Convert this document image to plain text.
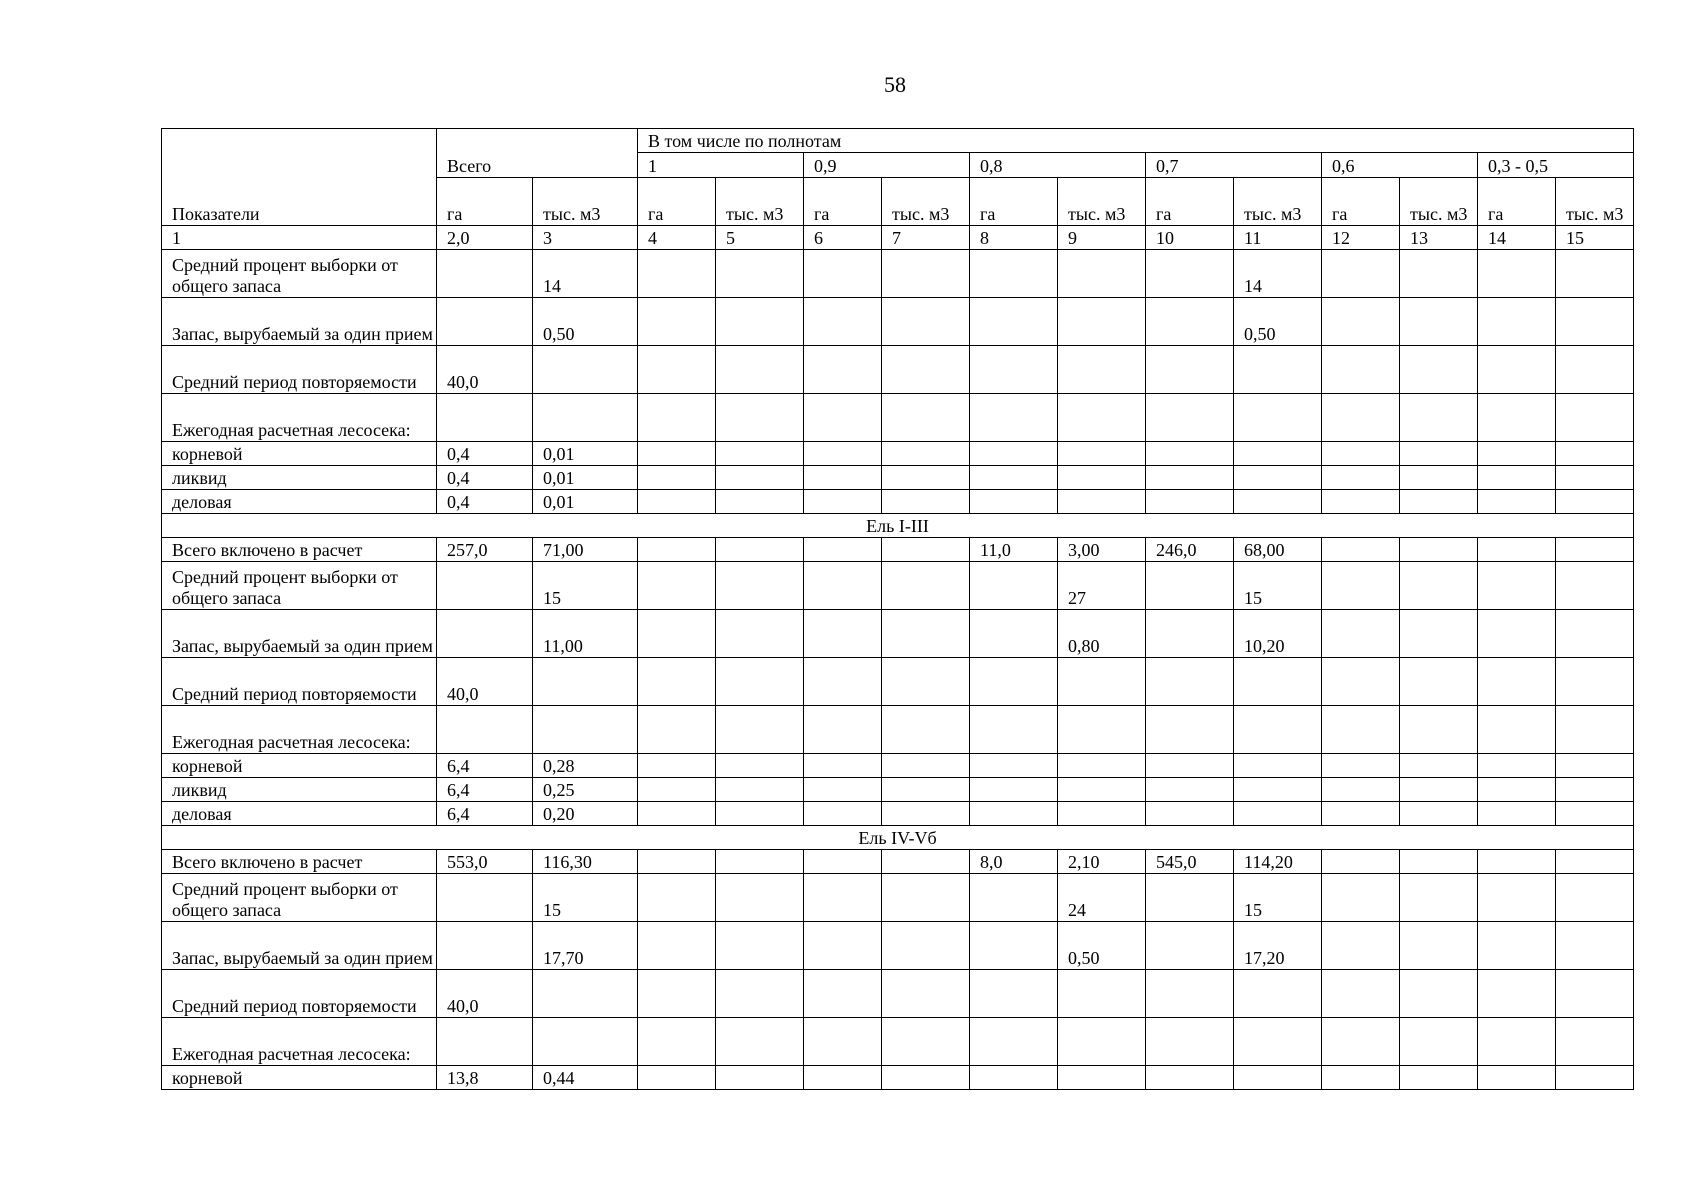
58
Показатели	Всего		В том числе по полнотам											
			1		0,9		0,8		0,7		0,6		0,3 - 0,5	
	га	тыс. м3	га	тыс. м3	га	тыс. м3	га	тыс. м3	га	тыс. м3	га	тыс. м3	га	тыс. м3
1	2,0	3	4	5	6	7	8	9	10	11	12	13	14	15
Средний процент выборки от общего запаса		14								14				
Запас, вырубаемый за один прием		0,50								0,50				
Средний период повторяемости	40,0													
Ежегодная расчетная лесосека:														
корневой	0,4	0,01												
ликвид	0,4	0,01												
деловая	0,4	0,01												
Ель I-III														
Всего включено в расчет	257,0	71,00					11,0	3,00	246,0	68,00				
Средний процент выборки от общего запаса		15						27		15				
Запас, вырубаемый за один прием		11,00						0,80		10,20				
Средний период повторяемости	40,0													
Ежегодная расчетная лесосека:														
корневой	6,4	0,28												
ликвид	6,4	0,25												
деловая	6,4	0,20												
Ель IV-Vб														
Всего включено в расчет	553,0	116,30					8,0	2,10	545,0	114,20				
Средний процент выборки от общего запаса		15						24		15				
Запас, вырубаемый за один прием		17,70						0,50		17,20				
Средний период повторяемости	40,0													
Ежегодная расчетная лесосека:														
корневой	13,8	0,44												
